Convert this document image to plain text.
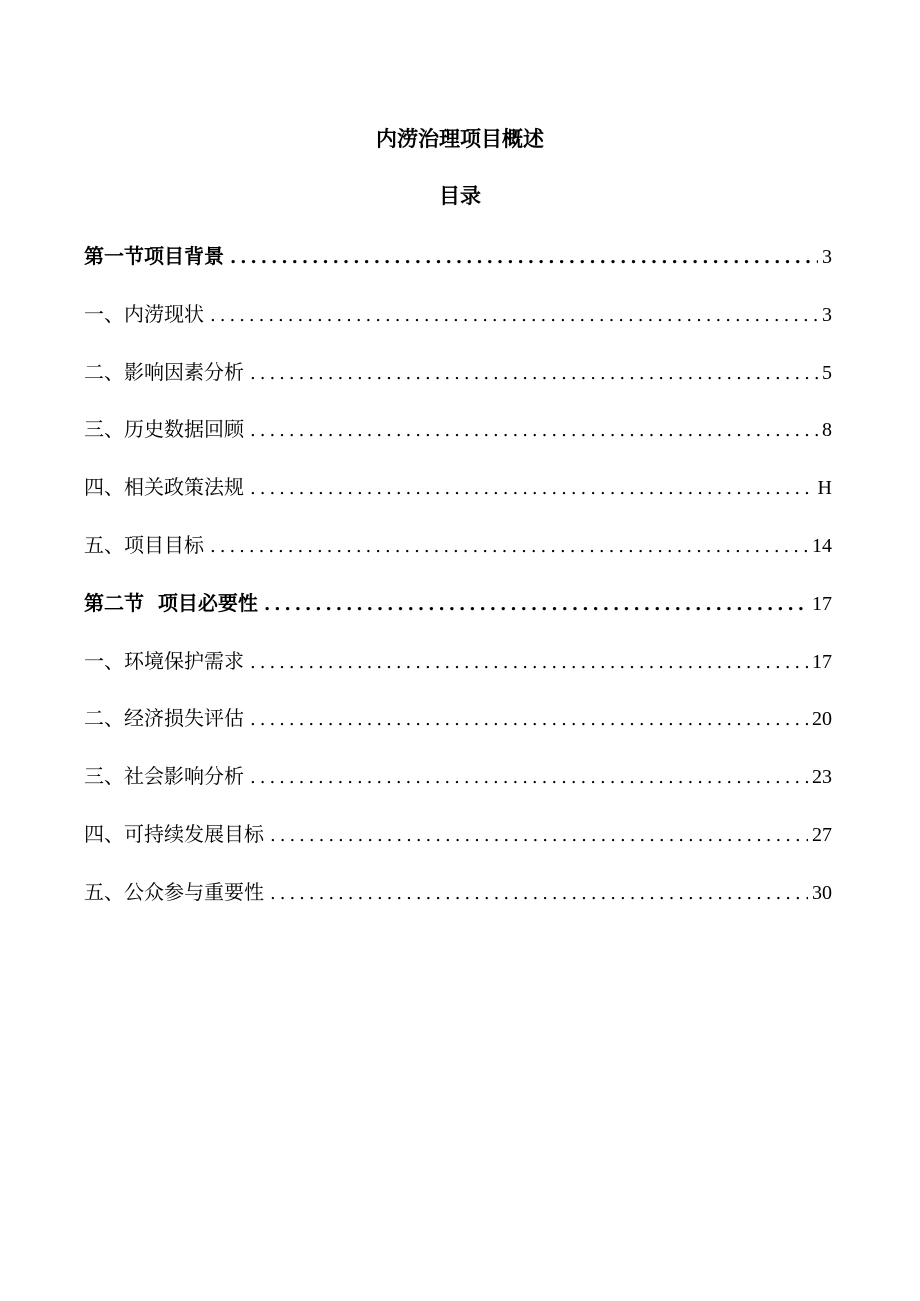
内涝治理项目概述
目录
第一节项目背景 .....	3
一、内涝现状 .....	3
二、影响因素分析 .....	5
三、历史数据回顾 .....	8
四、相关政策法规 .....	H
五、项目目标 .....	14
第二节  项目必要性 .....	17
一、环境保护需求 .....	17
二、经济损失评估 .....	20
三、社会影响分析 .....	23
四、可持续发展目标 .....	27
五、公众参与重要性 .....	30
